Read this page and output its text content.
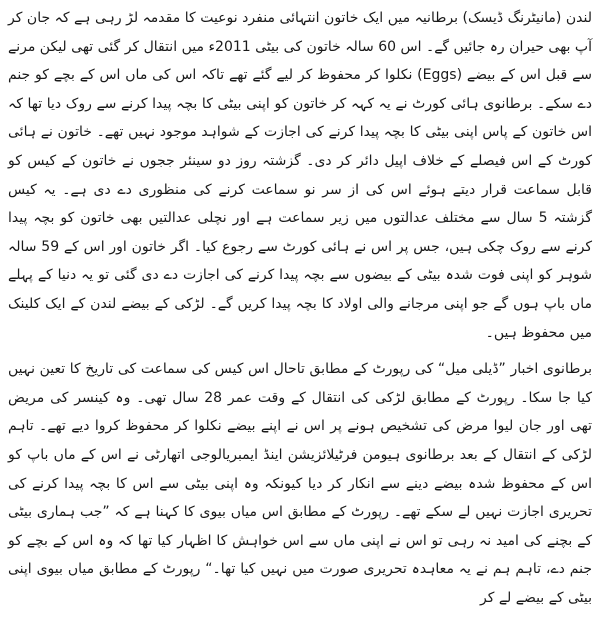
لندن (مانیٹرنگ ڈیسک) برطانیہ میں ایک خاتون انتہائی منفرد نوعیت کا مقدمہ لڑ رہی ہے کہ جان کر آپ بھی حیران رہ جائیں گے۔ اس 60 سالہ خاتون کی بیٹی 2011ء میں انتقال کر گئی تھی لیکن مرنے سے قبل اس کے بیضے (Eggs) نکلوا کر محفوظ کر لیے گئے تھے تاکہ اس کی ماں اس کے بچے کو جنم دے سکے۔ برطانوی ہائی کورٹ نے یہ کہہ کر خاتون کو اپنی بیٹی کا بچہ پیدا کرنے سے روک دیا تھا کہ اس خاتون کے پاس اپنی بیٹی کا بچہ پیدا کرنے کی اجازت کے شواہد موجود نہیں تھے۔ خاتون نے ہائی کورٹ کے اس فیصلے کے خلاف اپیل دائر کر دی۔ گزشتہ روز دو سینئر ججوں نے خاتون کے کیس کو قابل سماعت قرار دیتے ہوئے اس کی از سر نو سماعت کرنے کی منظوری دے دی ہے۔ یہ کیس گزشتہ 5 سال سے مختلف عدالتوں میں زیر سماعت ہے اور نچلی عدالتیں بھی خاتون کو بچہ پیدا کرنے سے روک چکی ہیں، جس پر اس نے ہائی کورٹ سے رجوع کیا۔ اگر خاتون اور اس کے 59 سالہ شوہر کو اپنی فوت شدہ بیٹی کے بیضوں سے بچہ پیدا کرنے کی اجازت دے دی گئی تو یہ دنیا کے پہلے ماں باپ ہوں گے جو اپنی مرجانے والی اولاد کا بچہ پیدا کریں گے۔ لڑکی کے بیضے لندن کے ایک کلینک میں محفوظ ہیں۔

برطانوی اخبار ”ڈیلی میل“ کی رپورٹ کے مطابق تاحال اس کیس کی سماعت کی تاریخ کا تعین نہیں کیا جا سکا۔ رپورٹ کے مطابق لڑکی کی انتقال کے وقت عمر 28 سال تھی۔ وہ کینسر کی مریض تھی اور جان لیوا مرض کی تشخیص ہونے پر اس نے اپنے بیضے نکلوا کر محفوظ کروا دیے تھے۔ تاہم لڑکی کے انتقال کے بعد برطانوی ہیومن فرٹیلائزیشن اینڈ ایمبریالوجی اتھارٹی نے اس کے ماں باپ کو اس کے محفوظ شدہ بیضے دینے سے انکار کر دیا کیونکہ وہ اپنی بیٹی سے اس کا بچہ پیدا کرنے کی تحریری اجازت نہیں لے سکے تھے۔ رپورٹ کے مطابق اس میاں بیوی کا کہنا ہے کہ ”جب ہماری بیٹی کے بچنے کی امید نہ رہی تو اس نے اپنی ماں سے اس خواہش کا اظہار کیا تھا کہ وہ اس کے بچے کو جنم دے، تاہم ہم نے یہ معاہدہ تحریری صورت میں نہیں کیا تھا۔“ رپورٹ کے مطابق میاں بیوی اپنی بیٹی کے بیضے لے کر
